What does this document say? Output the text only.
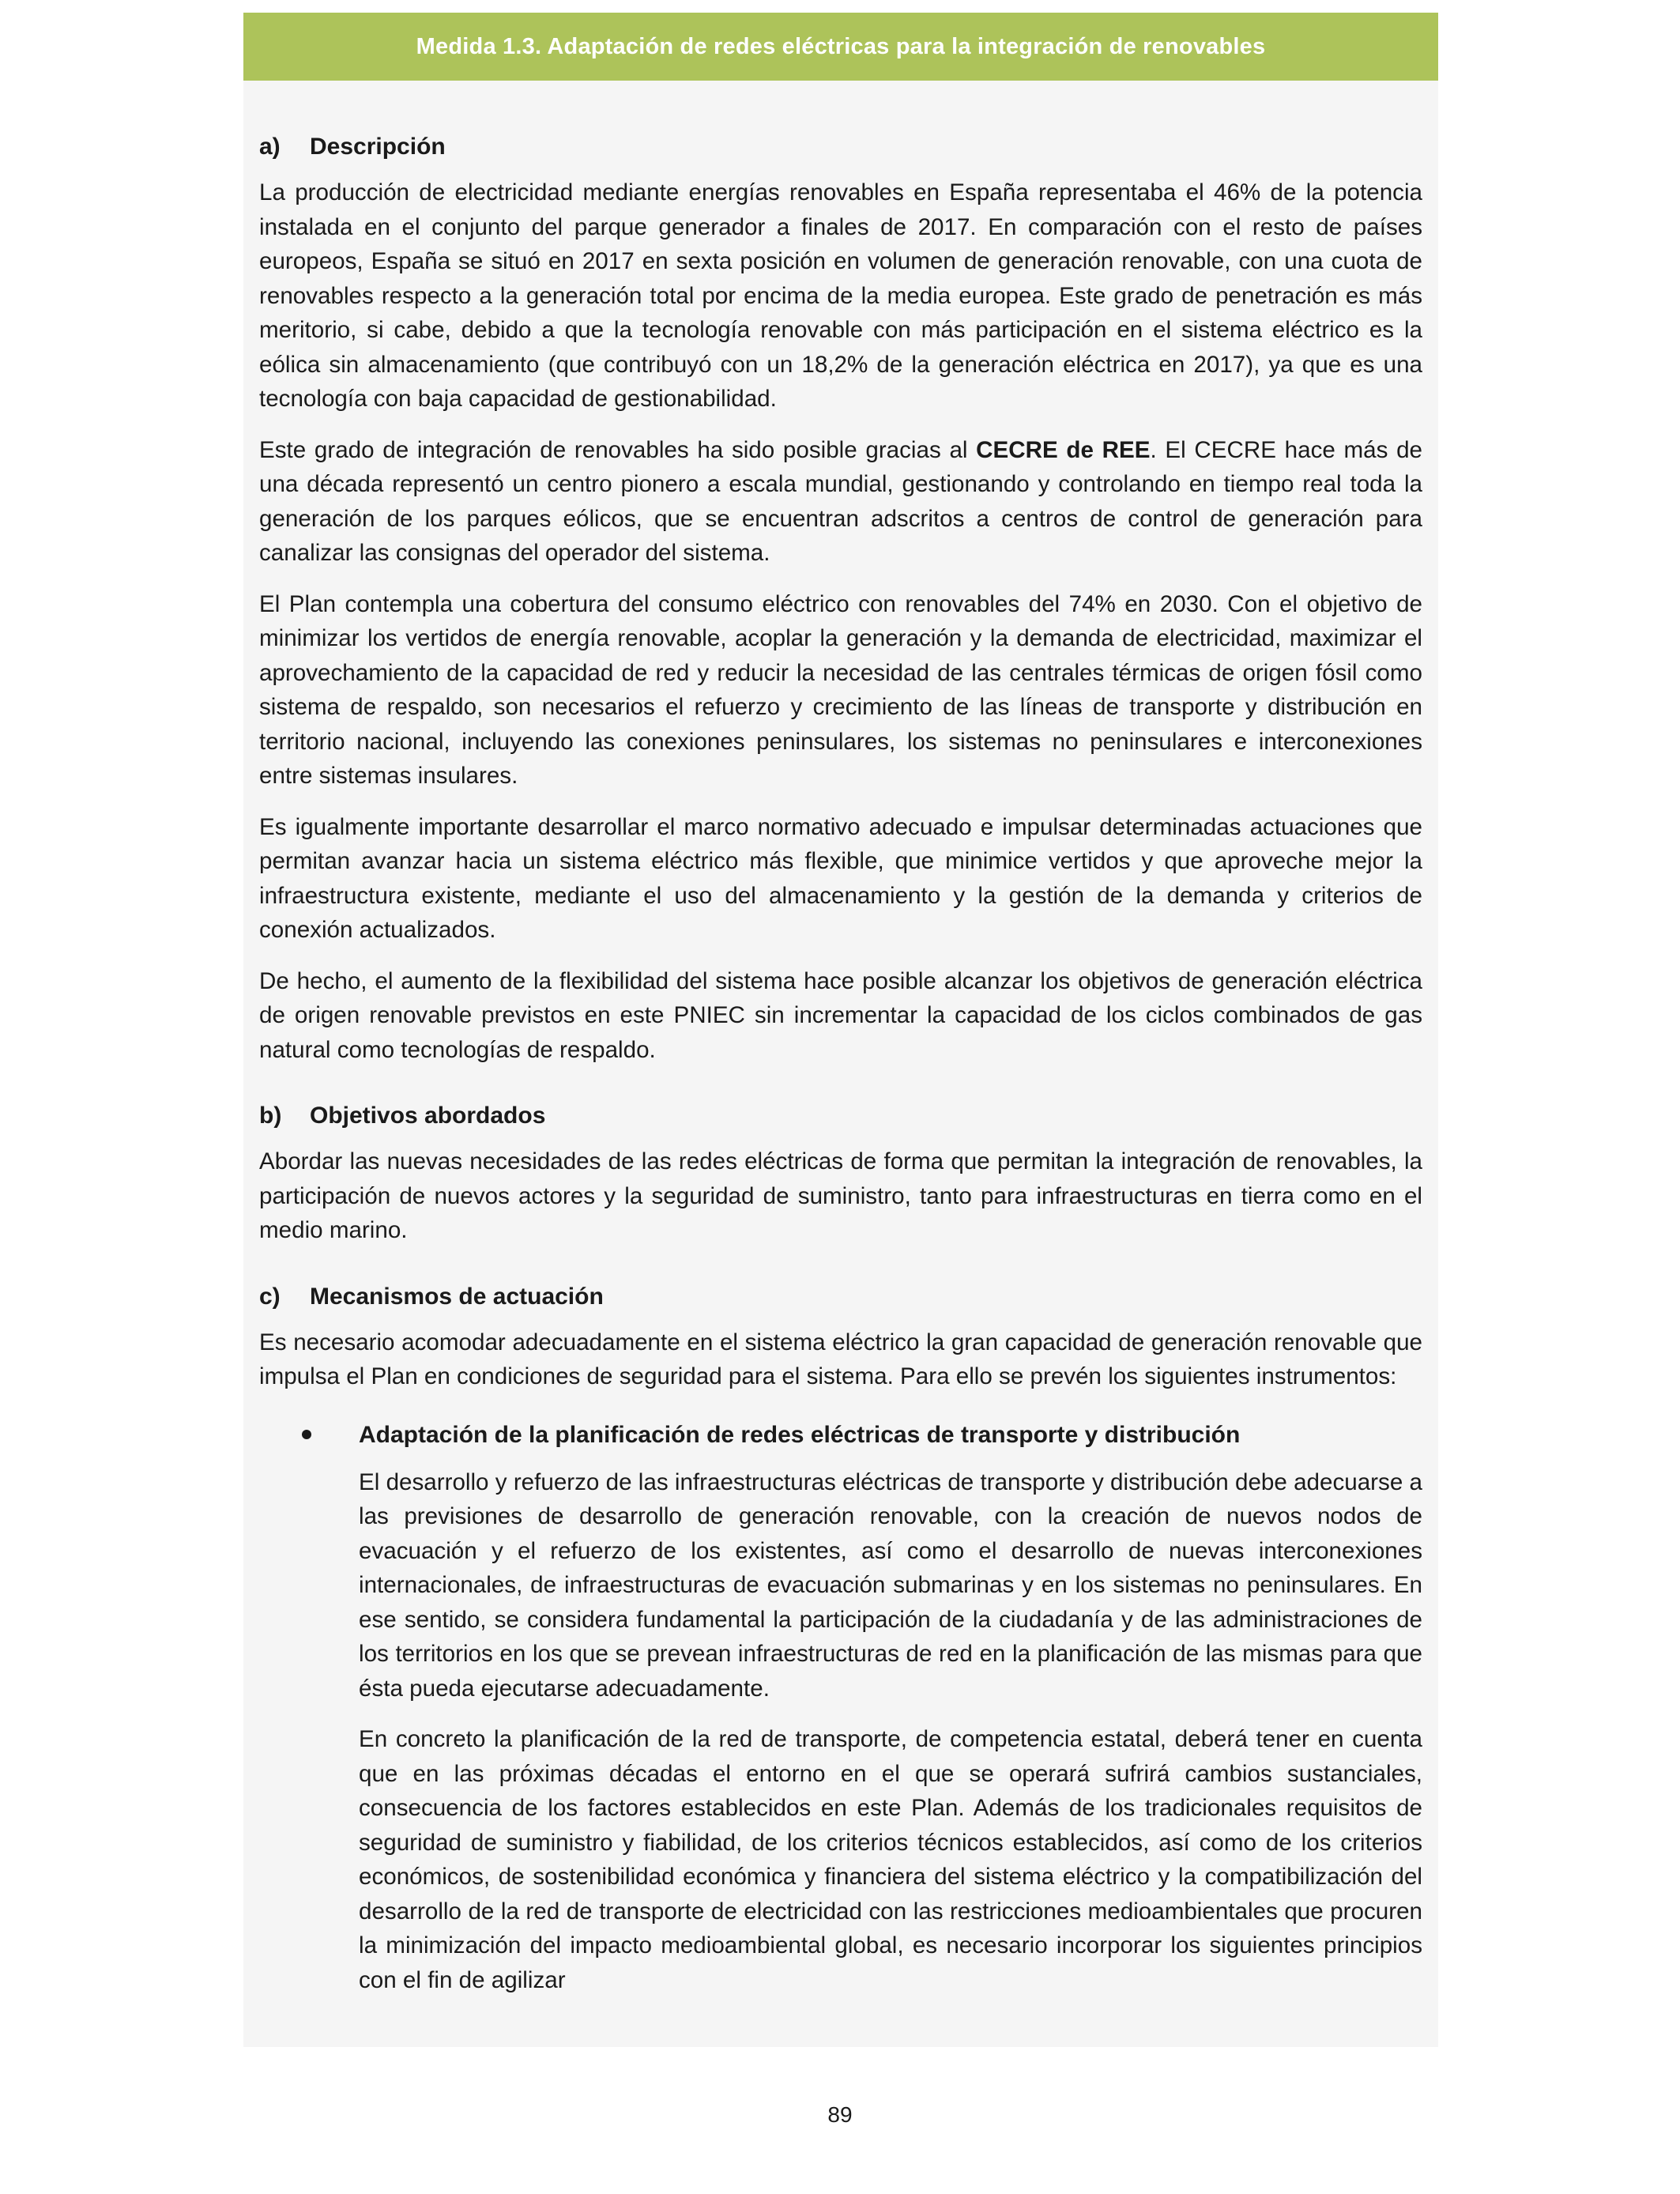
Medida 1.3. Adaptación de redes eléctricas para la integración de renovables
a)	Descripción

La producción de electricidad mediante energías renovables en España representaba el 46% de la potencia instalada en el conjunto del parque generador a finales de 2017. En comparación con el resto de países europeos, España se situó en 2017 en sexta posición en volumen de generación renovable, con una cuota de renovables respecto a la generación total por encima de la media europea. Este grado de penetración es más meritorio, si cabe, debido a que la tecnología renovable con más participación en el sistema eléctrico es la eólica sin almacenamiento (que contribuyó con un 18,2% de la generación eléctrica en 2017), ya que es una tecnología con baja capacidad de gestionabilidad.

Este grado de integración de renovables ha sido posible gracias al CECRE de REE. El CECRE hace más de una década representó un centro pionero a escala mundial, gestionando y controlando en tiempo real toda la generación de los parques eólicos, que se encuentran adscritos a centros de control de generación para canalizar las consignas del operador del sistema.

El Plan contempla una cobertura del consumo eléctrico con renovables del 74% en 2030. Con el objetivo de minimizar los vertidos de energía renovable, acoplar la generación y la demanda de electricidad, maximizar el aprovechamiento de la capacidad de red y reducir la necesidad de las centrales térmicas de origen fósil como sistema de respaldo, son necesarios el refuerzo y crecimiento de las líneas de transporte y distribución en territorio nacional, incluyendo las conexiones peninsulares, los sistemas no peninsulares e interconexiones entre sistemas insulares.

Es igualmente importante desarrollar el marco normativo adecuado e impulsar determinadas actuaciones que permitan avanzar hacia un sistema eléctrico más flexible, que minimice vertidos y que aproveche mejor la infraestructura existente, mediante el uso del almacenamiento y la gestión de la demanda y criterios de conexión actualizados.

De hecho, el aumento de la flexibilidad del sistema hace posible alcanzar los objetivos de generación eléctrica de origen renovable previstos en este PNIEC sin incrementar la capacidad de los ciclos combinados de gas natural como tecnologías de respaldo.

b)	Objetivos abordados

Abordar las nuevas necesidades de las redes eléctricas de forma que permitan la integración de renovables, la participación de nuevos actores y la seguridad de suministro, tanto para infraestructuras en tierra como en el medio marino.

c)	Mecanismos de actuación

Es necesario acomodar adecuadamente en el sistema eléctrico la gran capacidad de generación renovable que impulsa el Plan en condiciones de seguridad para el sistema. Para ello se prevén los siguientes instrumentos:

Adaptación de la planificación de redes eléctricas de transporte y distribución

El desarrollo y refuerzo de las infraestructuras eléctricas de transporte y distribución debe adecuarse a las previsiones de desarrollo de generación renovable, con la creación de nuevos nodos de evacuación y el refuerzo de los existentes, así como el desarrollo de nuevas interconexiones internacionales, de infraestructuras de evacuación submarinas y en los sistemas no peninsulares. En ese sentido, se considera fundamental la participación de la ciudadanía y de las administraciones de los territorios en los que se prevean infraestructuras de red en la planificación de las mismas para que ésta pueda ejecutarse adecuadamente.

En concreto la planificación de la red de transporte, de competencia estatal, deberá tener en cuenta que en las próximas décadas el entorno en el que se operará sufrirá cambios sustanciales, consecuencia de los factores establecidos en este Plan. Además de los tradicionales requisitos de seguridad de suministro y fiabilidad, de los criterios técnicos establecidos, así como de los criterios económicos, de sostenibilidad económica y financiera del sistema eléctrico y la compatibilización del desarrollo de la red de transporte de electricidad con las restricciones medioambientales que procuren la minimización del impacto medioambiental global, es necesario incorporar los siguientes principios con el fin de agilizar

89
